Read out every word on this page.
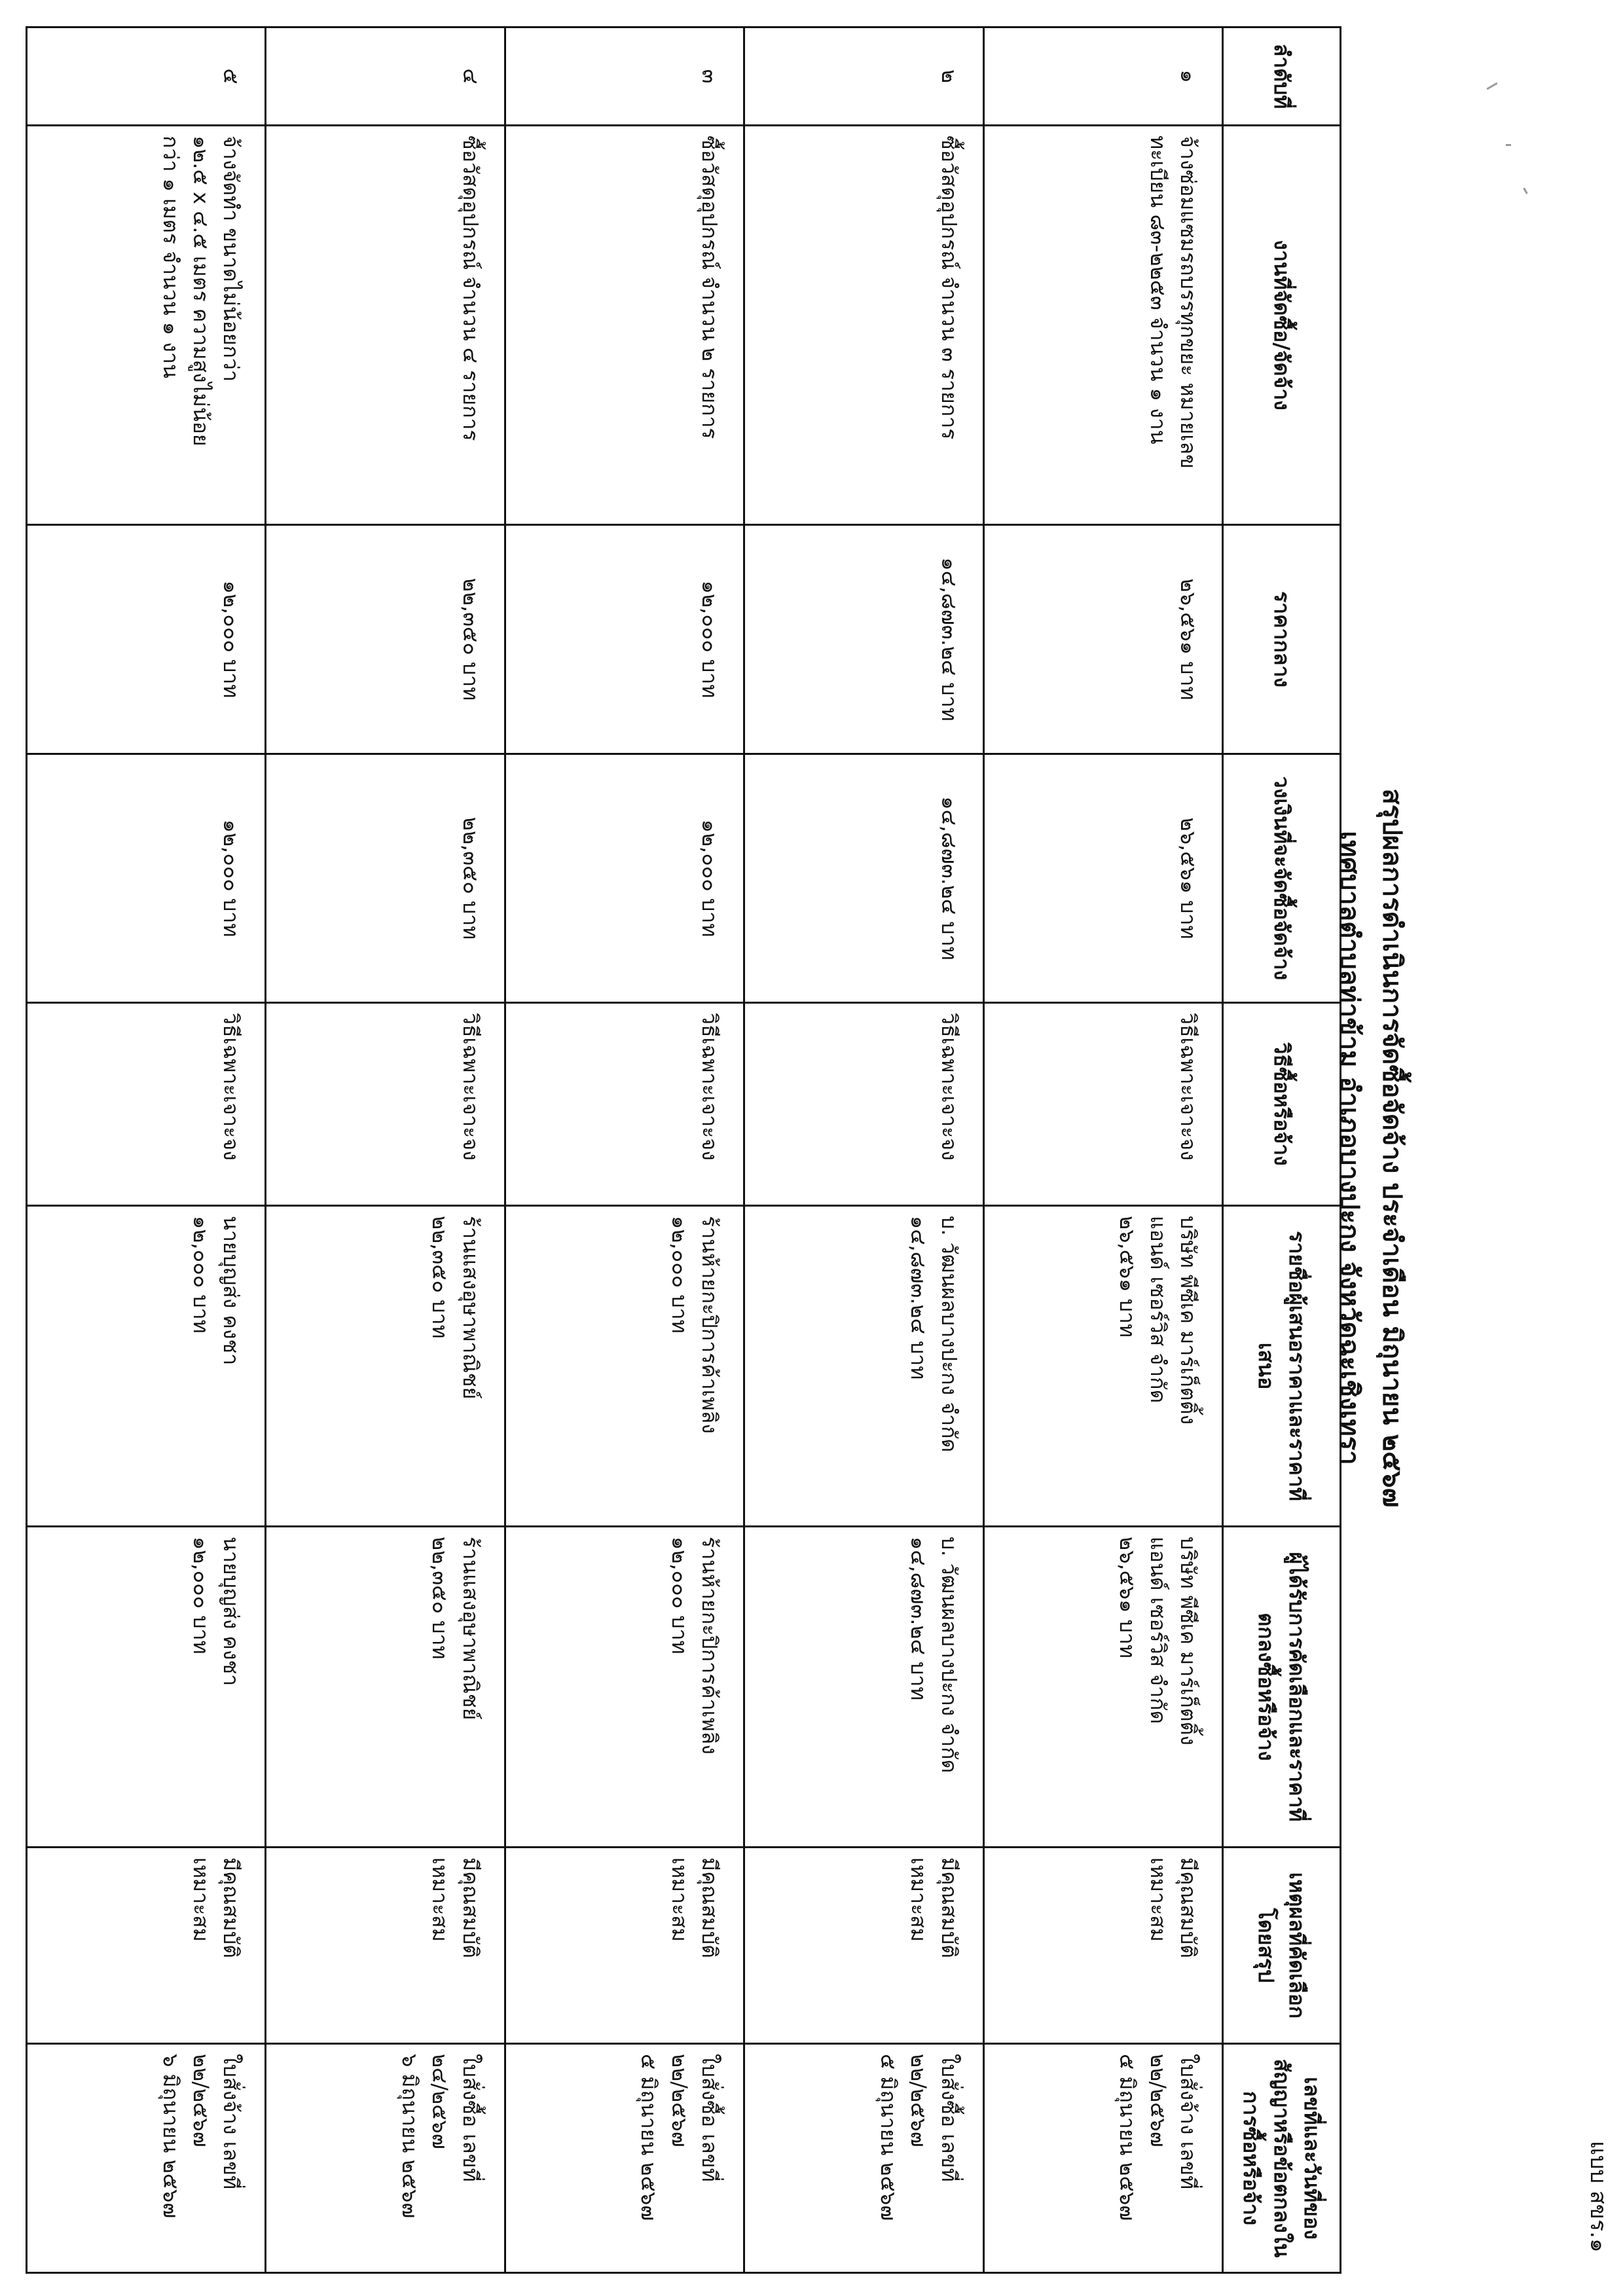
แบบ สขร.๑
สรุปผลการดำเนินการจัดซื้อจัดจ้าง ประจำเดือน มิถุนายน ๒๕๖๗
เทศบาลตำบลท่าข้าม อำเภอบางปะกง จังหวัดฉะเชิงเทรา
ลำดับที่	งานที่จัดซื้อ/จัดจ้าง	ราคากลาง	วงเงินที่จะจัดซื้อจัดจ้าง	วิธีซื้อหรือจ้าง	รายชื่อผู้เสนอราคาและราคาที่เสนอ	ผู้ได้รับการคัดเลือกและราคาที่ตกลงซื้อหรือจ้าง	เหตุผลที่คัดเลือกโดยสรุป	เลขที่และวันที่ของสัญญาหรือข้อตกลงในการซื้อหรือจ้าง
๑	จ้างซ่อมแซมรถบรรทุกขยะ หมายเลข
ทะเบียน ๘๓-๒๒๕๓ จำนวน ๑ งาน	๒๖,๕๖๑ บาท	๒๖,๕๖๑ บาท	วิธีเฉพาะเจาะจง	บริษัท พีซีเค มาร์เก็ตติ้ง
แอนด์ เซอร์วิส จำกัด
๒๖,๕๖๑ บาท	บริษัท พีซีเค มาร์เก็ตติ้ง
แอนด์ เซอร์วิส จำกัด
๒๖,๕๖๑ บาท	มีคุณสมบัติ
เหมาะสม	ใบสั่งจ้าง เลขที่
๒๒/๒๕๖๗
๕ มิถุนายน ๒๕๖๗

๒	ซื้อวัสดุอุปกรณ์ จำนวน ๓ รายการ	๑๔,๘๗๓.๒๔ บาท	๑๔,๘๗๓.๒๔ บาท	วิธีเฉพาะเจาะจง	บ. วัฒนผลบางปะกง จำกัด
๑๔,๘๗๓.๒๔ บาท	บ. วัฒนผลบางปะกง จำกัด
๑๔,๘๗๓.๒๔ บาท	มีคุณสมบัติ
เหมาะสม	ใบสั่งซื้อ เลขที่
๒๒/๒๕๖๗
๕ มิถุนายน ๒๕๖๗

๓	ซื้อวัสดุอุปกรณ์ จำนวน ๒ รายการ	๑๒,๐๐๐ บาท	๑๒,๐๐๐ บาท	วิธีเฉพาะเจาะจง	ร้านห้ายกะปิการค้าเพลิง
๑๒,๐๐๐ บาท	ร้านห้ายกะปิการค้าเพลิง
๑๒,๐๐๐ บาท	มีคุณสมบัติ
เหมาะสม	ใบสั่งซื้อ เลขที่
๒๒/๒๕๖๗
๕ มิถุนายน ๒๕๖๗

๔	ซื้อวัสดุอุปกรณ์ จำนวน ๔ รายการ	๒๒,๓๕๐ บาท	๒๒,๓๕๐ บาท	วิธีเฉพาะเจาะจง	ร้านแสงอุษาพาณิชย์
๒๒,๓๕๐ บาท	ร้านแสงอุษาพาณิชย์
๒๒,๓๕๐ บาท	มีคุณสมบัติ
เหมาะสม	ใบสั่งซื้อ เลขที่
๒๔/๒๕๖๗
๖ มิถุนายน ๒๕๖๗

๕	จ้างจัดทำ ขนาดไม่น้อยกว่า
๑๒.๕ x ๔.๕ เมตร ความสูงไม่น้อย
กว่า ๑ เมตร จำนวน ๑ งาน	๑๒,๐๐๐ บาท	๑๒,๐๐๐ บาท	วิธีเฉพาะเจาะจง	นายบุญส่ง คงชา
๑๒,๐๐๐ บาท	นายบุญส่ง คงชา
๑๒,๐๐๐ บาท	มีคุณสมบัติ
เหมาะสม	ใบสั่งจ้าง เลขที่
๒๒/๒๕๖๗
๖ มิถุนายน ๒๕๖๗
